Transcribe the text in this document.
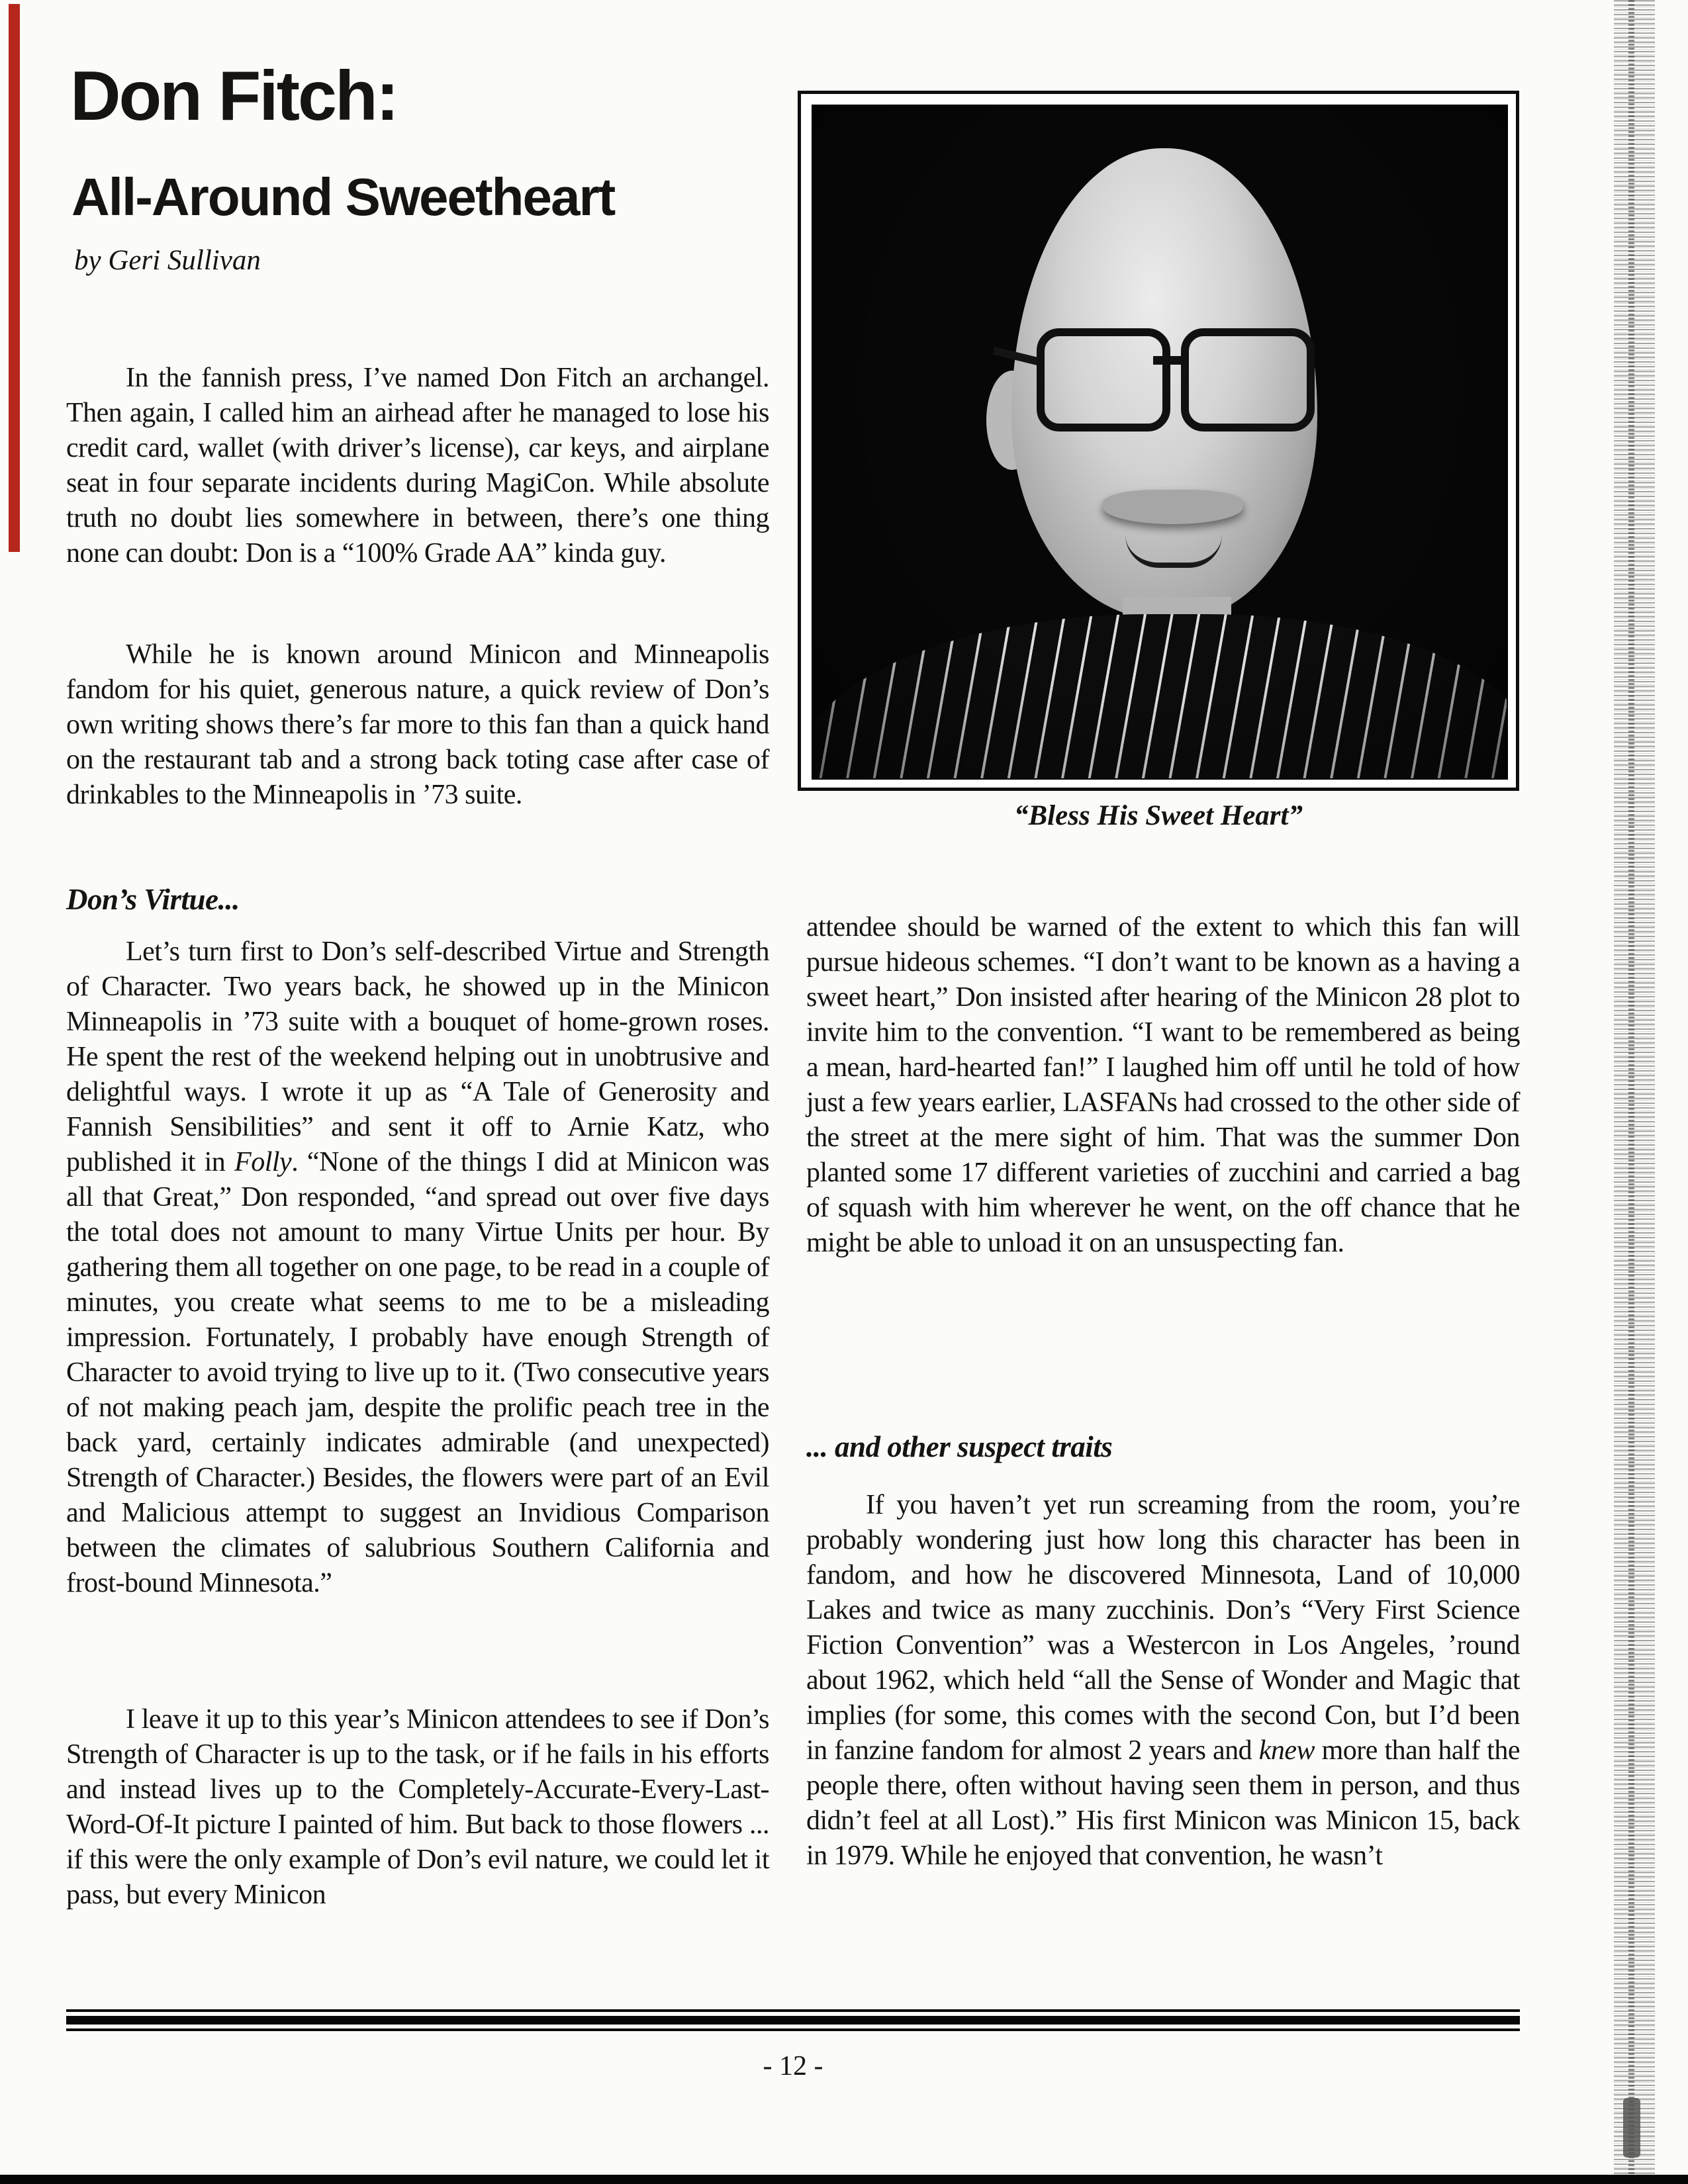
Don Fitch:
All-Around Sweetheart
by Geri Sullivan
“Bless His Sweet Heart”
In the fannish press, I’ve named Don Fitch an archangel. Then again, I called him an airhead after he managed to lose his credit card, wallet (with driver’s license), car keys, and airplane seat in four separate incidents during MagiCon. While absolute truth no doubt lies somewhere in between, there’s one thing none can doubt: Don is a “100% Grade AA” kinda guy.
While he is known around Minicon and Minneapolis fandom for his quiet, generous nature, a quick review of Don’s own writing shows there’s far more to this fan than a quick hand on the restaurant tab and a strong back toting case after case of drinkables to the Minneapolis in ’73 suite.
Don’s Virtue...
Let’s turn first to Don’s self-described Virtue and Strength of Character. Two years back, he showed up in the Minicon Minneapolis in ’73 suite with a bouquet of home-grown roses. He spent the rest of the weekend helping out in unobtrusive and delightful ways. I wrote it up as “A Tale of Generosity and Fannish Sensibilities” and sent it off to Arnie Katz, who published it in Folly. “None of the things I did at Minicon was all that Great,” Don responded, “and spread out over five days the total does not amount to many Virtue Units per hour. By gathering them all together on one page, to be read in a couple of minutes, you create what seems to me to be a misleading impression. Fortunately, I probably have enough Strength of Character to avoid trying to live up to it. (Two consecutive years of not making peach jam, despite the prolific peach tree in the back yard, certainly indicates admirable (and unexpected) Strength of Character.) Besides, the flowers were part of an Evil and Malicious attempt to suggest an Invidious Comparison between the climates of salubrious Southern California and frost-bound Minnesota.”
I leave it up to this year’s Minicon attendees to see if Don’s Strength of Character is up to the task, or if he fails in his efforts and instead lives up to the Completely-Accurate-Every-Last-Word-Of-It picture I painted of him. But back to those flowers ... if this were the only example of Don’s evil nature, we could let it pass, but every Minicon
attendee should be warned of the extent to which this fan will pursue hideous schemes. “I don’t want to be known as a having a sweet heart,” Don insisted after hearing of the Minicon 28 plot to invite him to the convention. “I want to be remembered as being a mean, hard-hearted fan!” I laughed him off until he told of how just a few years earlier, LASFANs had crossed to the other side of the street at the mere sight of him. That was the summer Don planted some 17 different varieties of zucchini and carried a bag of squash with him wherever he went, on the off chance that he might be able to unload it on an unsuspecting fan.
... and other suspect traits
If you haven’t yet run screaming from the room, you’re probably wondering just how long this character has been in fandom, and how he discovered Minnesota, Land of 10,000 Lakes and twice as many zucchinis. Don’s “Very First Science Fiction Convention” was a Westercon in Los Angeles, ’round about 1962, which held “all the Sense of Wonder and Magic that implies (for some, this comes with the second Con, but I’d been in fanzine fandom for almost 2 years and knew more than half the people there, often without having seen them in person, and thus didn’t feel at all Lost).” His first Minicon was Minicon 15, back in 1979. While he enjoyed that convention, he wasn’t
- 12 -
